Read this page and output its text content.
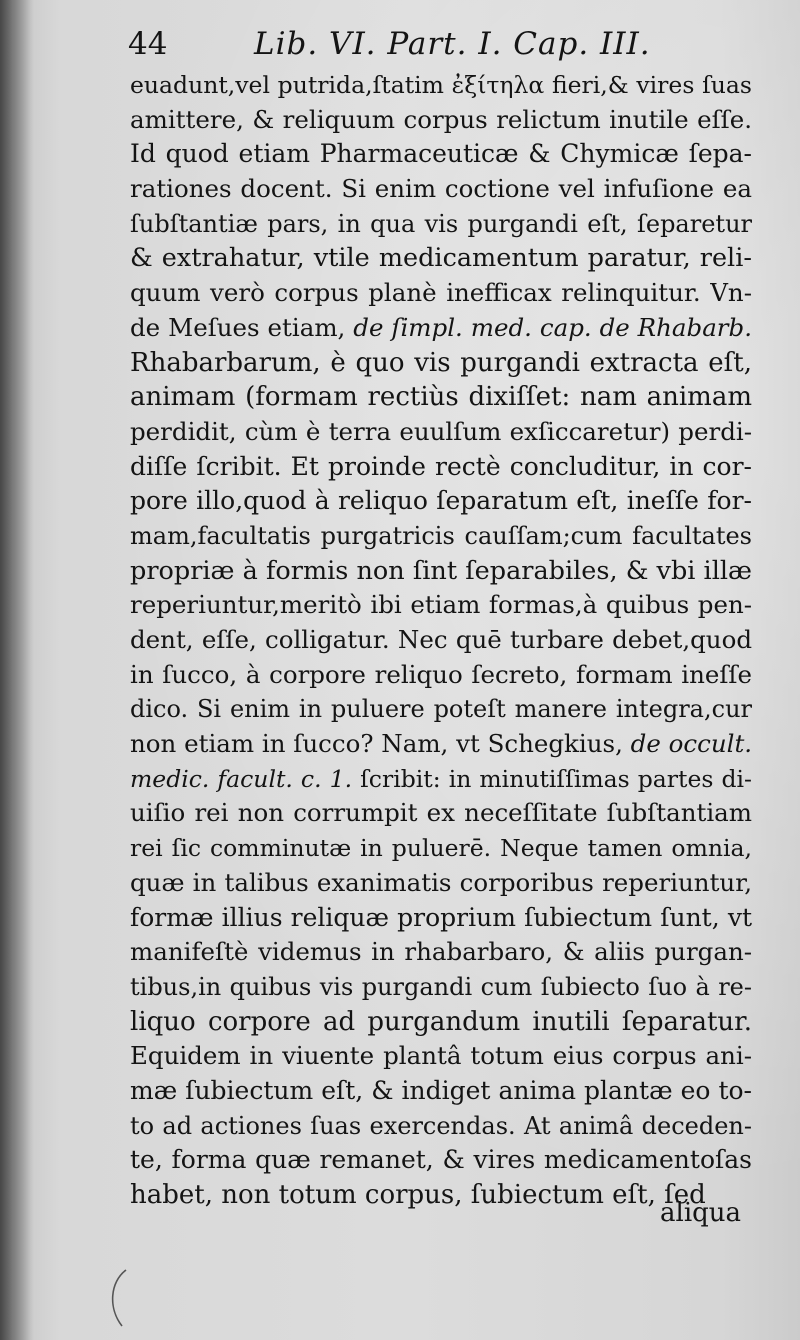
44	Lib. VI. Part. I. Cap. III.
euadunt,vel putrida,ſtatim ἐξίτηλα fieri,& vires ſuas
amittere, & reliquum corpus relictum inutile eſſe.
Id quod etiam Pharmaceuticæ & Chymicæ ſepa-
rationes docent. Si enim coctione vel infuſione ea
ſubſtantiæ pars, in qua vis purgandi eſt, ſeparetur
& extrahatur, vtile medicamentum paratur, reli-
quum verò corpus planè inefficax relinquitur. Vn-
de Meſues etiam, de ſimpl. med. cap. de Rhabarb.
Rhabarbarum, è quo vis purgandi extracta eſt,
animam (formam rectiùs dixiſſet: nam animam
perdidit, cùm è terra euulſum exſiccaretur) perdi-
diſſe ſcribit. Et proinde rectè concluditur, in cor-
pore illo,quod à reliquo ſeparatum eſt, ineſſe for-
mam,facultatis purgatricis cauſſam;cum facultates
propriæ à formis non ſint ſeparabiles, & vbi illæ
reperiuntur,meritò ibi etiam formas,à quibus pen-
dent, eſſe, colligatur. Nec quē turbare debet,quod
in ſucco, à corpore reliquo ſecreto, formam ineſſe
dico. Si enim in puluere poteſt manere integra,cur
non etiam in ſucco? Nam, vt Schegkius, de occult.
medic. facult. c. 1. ſcribit: in minutiſſimas partes di-
uiſio rei non corrumpit ex neceſſitate ſubſtantiam
rei ſic comminutæ in puluerē. Neque tamen omnia,
quæ in talibus exanimatis corporibus reperiuntur,
formæ illius reliquæ proprium ſubiectum ſunt, vt
manifeſtè videmus in rhabarbaro, & aliis purgan-
tibus,in quibus vis purgandi cum ſubiecto ſuo à re-
liquo corpore ad purgandum inutili ſeparatur.
Equidem in viuente plantâ totum eius corpus ani-
mæ ſubiectum eſt, & indiget anima plantæ eo to-
to ad actiones ſuas exercendas. At animâ deceden-
te, forma quæ remanet, & vires medicamentoſas
habet, non totum corpus, ſubiectum eſt, ſed
aliqua
